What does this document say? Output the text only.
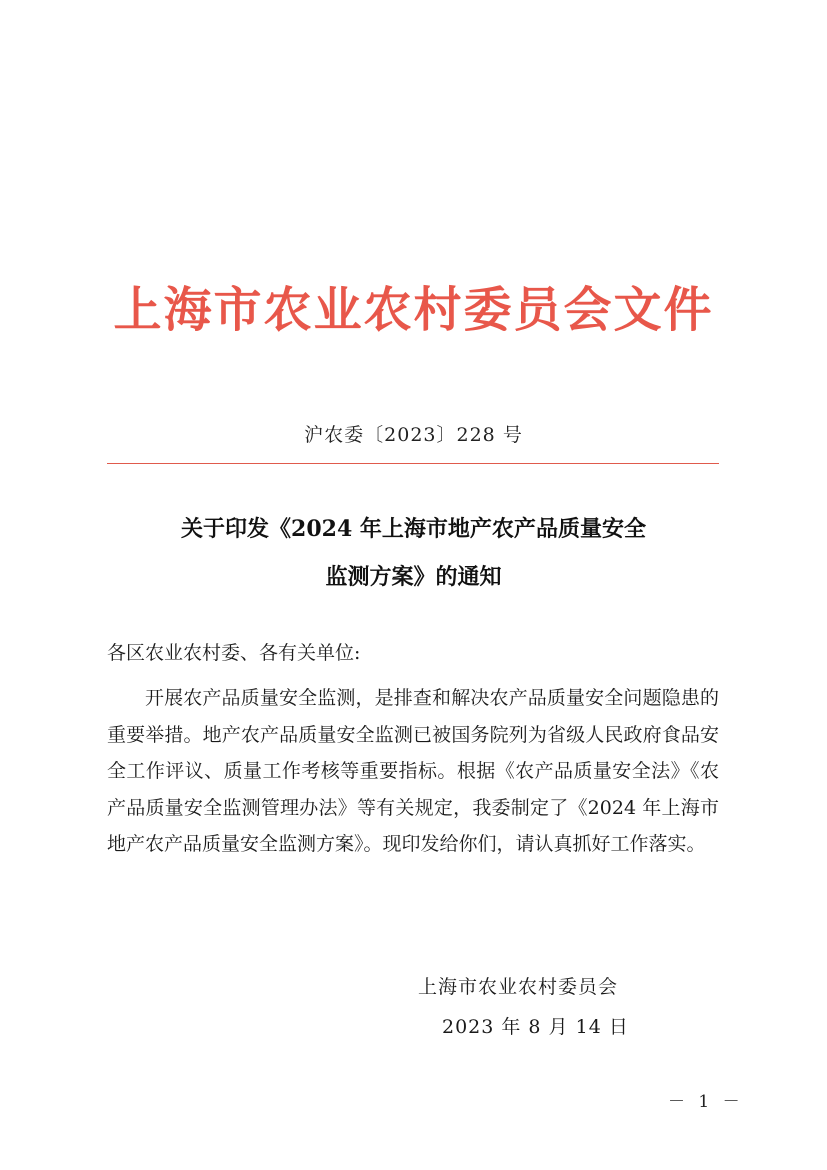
上海市农业农村委员会文件
沪农委〔2023〕228 号
关于印发《2024 年上海市地产农产品质量安全
监测方案》的通知
各区农业农村委、各有关单位:

开展农产品质量安全监测，是排查和解决农产品质量安全问题隐患的重要举措。地产农产品质量安全监测已被国务院列为省级人民政府食品安全工作评议、质量工作考核等重要指标。根据《农产品质量安全法》《农产品质量安全监测管理办法》等有关规定，我委制定了《2024 年上海市地产农产品质量安全监测方案》。现印发给你们，请认真抓好工作落实。

上海市农业农村委员会
2023 年 8 月 14 日
－ 1 －
